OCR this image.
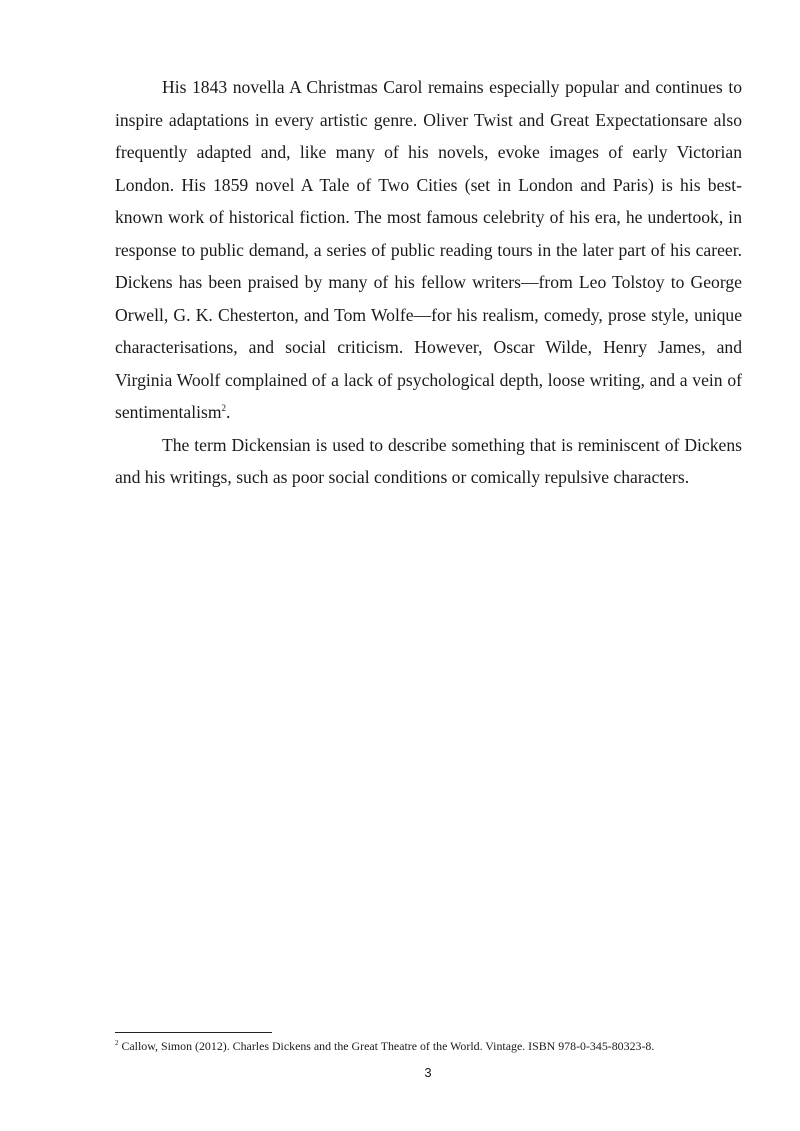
His 1843 novella A Christmas Carol remains especially popular and continues to inspire adaptations in every artistic genre. Oliver Twist and Great Expectationsare also frequently adapted and, like many of his novels, evoke images of early Victorian London. His 1859 novel A Tale of Two Cities (set in London and Paris) is his best-known work of historical fiction. The most famous celebrity of his era, he undertook, in response to public demand, a series of public reading tours in the later part of his career. Dickens has been praised by many of his fellow writers—from Leo Tolstoy to George Orwell, G. K. Chesterton, and Tom Wolfe—for his realism, comedy, prose style, unique characterisations, and social criticism. However, Oscar Wilde, Henry James, and Virginia Woolf complained of a lack of psychological depth, loose writing, and a vein of sentimentalism$^2$.

The term Dickensian is used to describe something that is reminiscent of Dickens and his writings, such as poor social conditions or comically repulsive characters.

$^2$ Callow, Simon (2012). Charles Dickens and the Great Theatre of the World. Vintage. ISBN 978-0-345-80323-8.

3
